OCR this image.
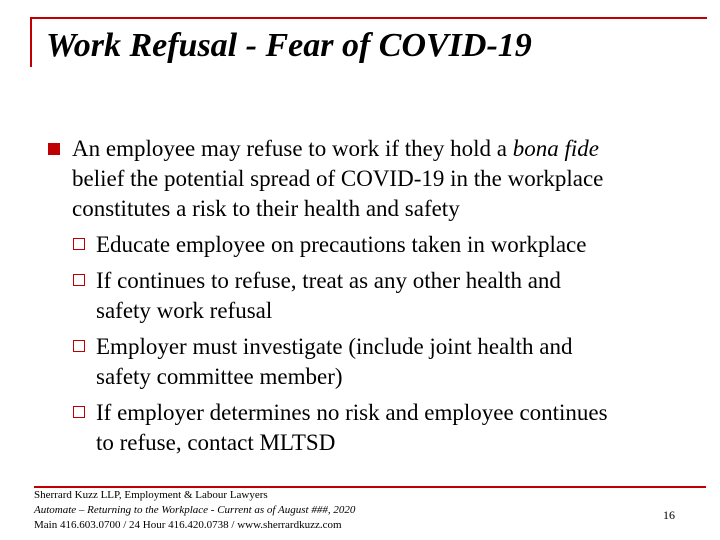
Work Refusal - Fear of COVID-19
An employee may refuse to work if they hold a bona fide
belief the potential spread of COVID-19 in the workplace
constitutes a risk to their health and safety
Educate employee on precautions taken in workplace
If continues to refuse, treat as any other health and
safety work refusal
Employer must investigate (include joint health and
safety committee member)
If employer determines no risk and employee continues
to refuse, contact MLTSD
Sherrard Kuzz LLP, Employment & Labour Lawyers
Automate – Returning to the Workplace - Current as of August ###, 2020
Main 416.603.0700 / 24 Hour 416.420.0738 / www.sherrardkuzz.com
16
